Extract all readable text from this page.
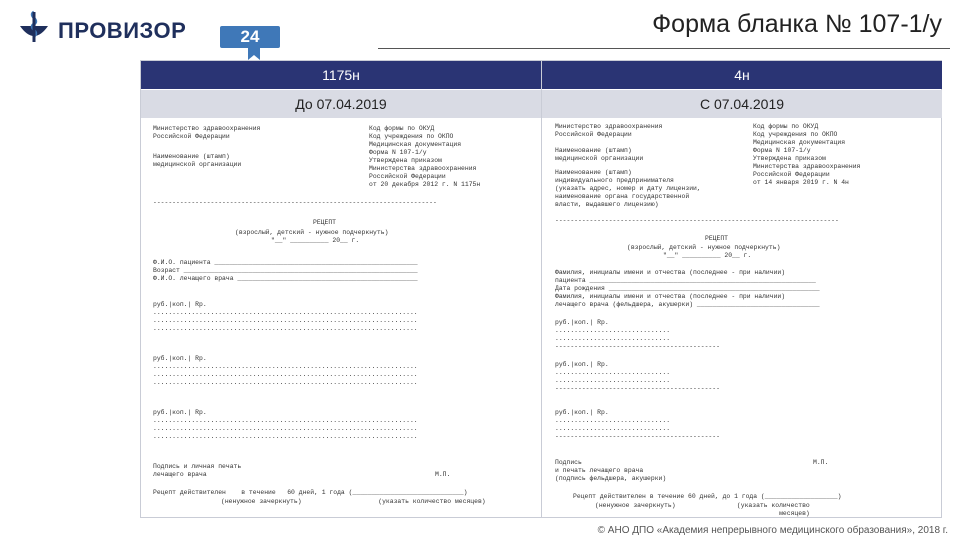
ПРОВИЗОР	24	Форма бланка № 107-1/у
1175н	4н
До 07.04.2019	С 07.04.2019

Министерство здравоохранения
Российской Федерации

Наименование (штамп)
медицинской организации

Код формы по ОКУД
Код учреждения по ОКПО
Медицинская документация
Форма N 107-1/у
Утверждена приказом
Министерства здравоохранения
Российской Федерации
от 20 декабря 2012 г. N 1175н

--------------------------------------------------------------------------

РЕЦЕПТ

(взрослый, детский - нужное подчеркнуть)

"__" __________ 20__ г.

Ф.И.О. пациента _____________________________________________________
Возраст _____________________________________________________________
Ф.И.О. лечащего врача _______________________________________________

руб.|коп.| Rp.
.....................................................................
.....................................................................
.....................................................................

руб.|коп.| Rp.
.....................................................................
.....................................................................
.....................................................................

руб.|коп.| Rp.
.....................................................................
.....................................................................
.....................................................................

Подпись и личная печать
лечащего врача

	М.П.

Рецепт действителен    в течение   60 дней, 1 года (_____________________________)

(ненужное зачеркнуть)                    (указать количество месяцев)

Министерство здравоохранения
Российской Федерации

Наименование (штамп)
медицинской организации

Наименование (штамп)
индивидуального предпринимателя
(указать адрес, номер и дату лицензии,
наименование органа государственной
власти, выдавшего лицензию)

Код формы по ОКУД
Код учреждения по ОКПО
Медицинская документация
Форма N 107-1/у
Утверждена приказом
Министерства здравоохранения
Российской Федерации
от 14 января 2019 г. N 4н

--------------------------------------------------------------------------

РЕЦЕПТ

(взрослый, детский - нужное подчеркнуть)

"__" __________ 20__ г.

Фамилия, инициалы имени и отчества (последнее - при наличии)
пациента ___________________________________________________________
Дата рождения _______________________________________________________
Фамилия, инициалы имени и отчества (последнее - при наличии)
лечащего врача (фельдшера, акушерки) ________________________________

руб.|коп.| Rp.
..............................
..............................
-------------------------------------------

руб.|коп.| Rp.
..............................
..............................
-------------------------------------------

руб.|коп.| Rp.
..............................
..............................
-------------------------------------------

Подпись
и печать лечащего врача
(подпись фельдшера, акушерки)

М.П.

Рецепт действителен в течение 60 дней, до 1 года (___________________)

(ненужное зачеркнуть)                (указать количество
месяцев)

© АНО ДПО «Академия непрерывного медицинского образования», 2018 г.
